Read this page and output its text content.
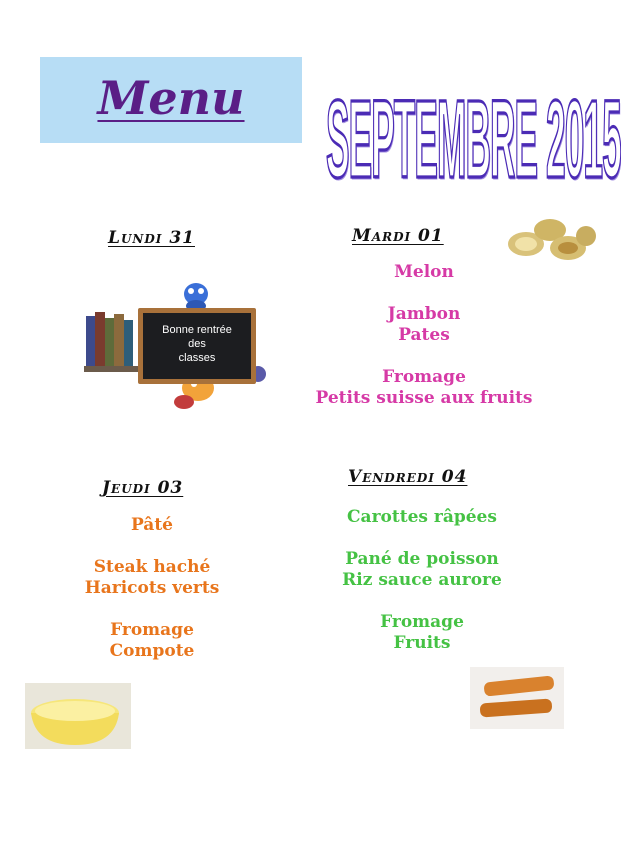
Menu	SEPTEMBRE 2015
Lundi 31
Bonne rentrée
des
classes
Mardi 01
Melon
Jambon
Pates
Fromage
Petits suisse aux fruits
Jeudi 03
Pâté
Steak haché
Haricots verts
Fromage
Compote
Vendredi 04
Carottes râpées
Pané de poisson
Riz sauce aurore
Fromage
Fruits
